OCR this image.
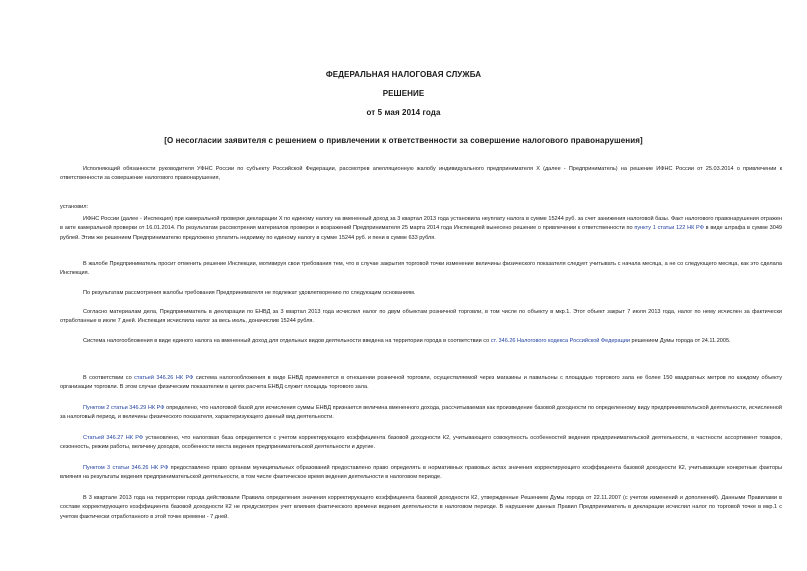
ФЕДЕРАЛЬНАЯ НАЛОГОВАЯ СЛУЖБА
РЕШЕНИЕ
от 5 мая 2014 года
[О несогласии заявителя с решением о привлечении к ответственности за совершение налогового правонарушения]
Исполняющий обязанности руководителя УФНС России по субъекту Российской Федерации, рассмотрев апелляционную жалобу индивидуального предпринимателя Х (далее - Предприниматель) на решение ИФНС России от 25.03.2014 о привлечении к ответственности за совершение налогового правонарушения,
установил:
ИФНС России (далее - Инспекция) при камеральной проверке декларации Х по единому налогу на вмененный доход за 3 квартал 2013 года установила неуплату налога в сумме 15244 руб. за счет занижения налоговой базы. Факт налогового правонарушения отражен в акте камеральной проверки от 16.01.2014. По результатам рассмотрения материалов проверки и возражений Предпринимателя 25 марта 2014 года Инспекцией вынесено решение о привлечении к ответственности по пункту 1 статьи 122 НК РФ в виде штрафа в сумме 3049 рублей. Этим же решением Предпринимателю предложено уплатить недоимку по единому налогу в сумме 15244 руб. и пени в сумме 633 рубля.
В жалобе Предприниматель просит отменить решение Инспекции, мотивируя свои требования тем, что в случае закрытия торговой точки изменение величины физического показателя следует учитывать с начала месяца, а не со следующего месяца, как это сделала Инспекция.
По результатам рассмотрения жалобы требования Предпринимателя не подлежат удовлетворению по следующим основаниям.
Согласно материалам дела, Предприниматель в декларации по ЕНВД за 3 квартал 2013 года исчислил налог по двум объектам розничной торговли, в том числе по объекту в мкр.1. Этот объект закрыт 7 июля 2013 года, налог по нему исчислен за фактически отработанные в июле 7 дней. Инспекция исчислила налог за весь июль, доначислив 15244 рубля.
Система налогообложения в виде единого налога на вмененный доход для отдельных видов деятельности введена на территории города в соответствии со ст. 346.26 Налогового кодекса Российской Федерации решением Думы города от 24.11.2005.
В соответствии со статьей 346.26 НК РФ система налогообложения в виде ЕНВД применяется в отношении розничной торговли, осуществляемой через магазины и павильоны с площадью торгового зала не более 150 квадратных метров по каждому объекту организации торговли. В этом случае физическим показателем в целях расчета ЕНВД служит площадь торгового зала.
Пунктом 2 статьи 346.29 НК РФ определено, что налоговой базой для исчисления суммы ЕНВД признается величина вмененного дохода, рассчитываемая как произведение базовой доходности по определенному виду предпринимательской деятельности, исчисленной за налоговый период, и величины физического показателя, характеризующего данный вид деятельности.
Статьей 346.27 НК РФ установлено, что налоговая база определяется с учетом корректирующего коэффициента базовой доходности К2, учитывающего совокупность особенностей ведения предпринимательской деятельности, в частности ассортимент товаров, сезонность, режим работы, величину доходов, особенности места ведения предпринимательской деятельности и другие.
Пунктом 3 статьи 346.26 НК РФ предоставлено право органам муниципальных образований предоставлено право определять в нормативных правовых актах значения корректирующего коэффициента базовой доходности К2, учитывающие конкретные факторы влияния на результаты ведения предпринимательской деятельности, в том числе фактическое время ведения деятельности в налоговом периоде.
В 3 квартале 2013 года на территории города действовали Правила определения значения корректирующего коэффициента базовой доходности К2, утвержденные Решением Думы города от 22.11.2007 (с учетом изменений и дополнений). Данными Правилами в составе корректирующего коэффициента базовой доходности К2 не предусмотрен учет влияния фактического времени ведения деятельности в налоговом периоде. В нарушение данных Правил Предприниматель в декларации исчислил налог по торговой точке в мкр.1 с учетом фактически отработанного в этой точке времени - 7 дней.
